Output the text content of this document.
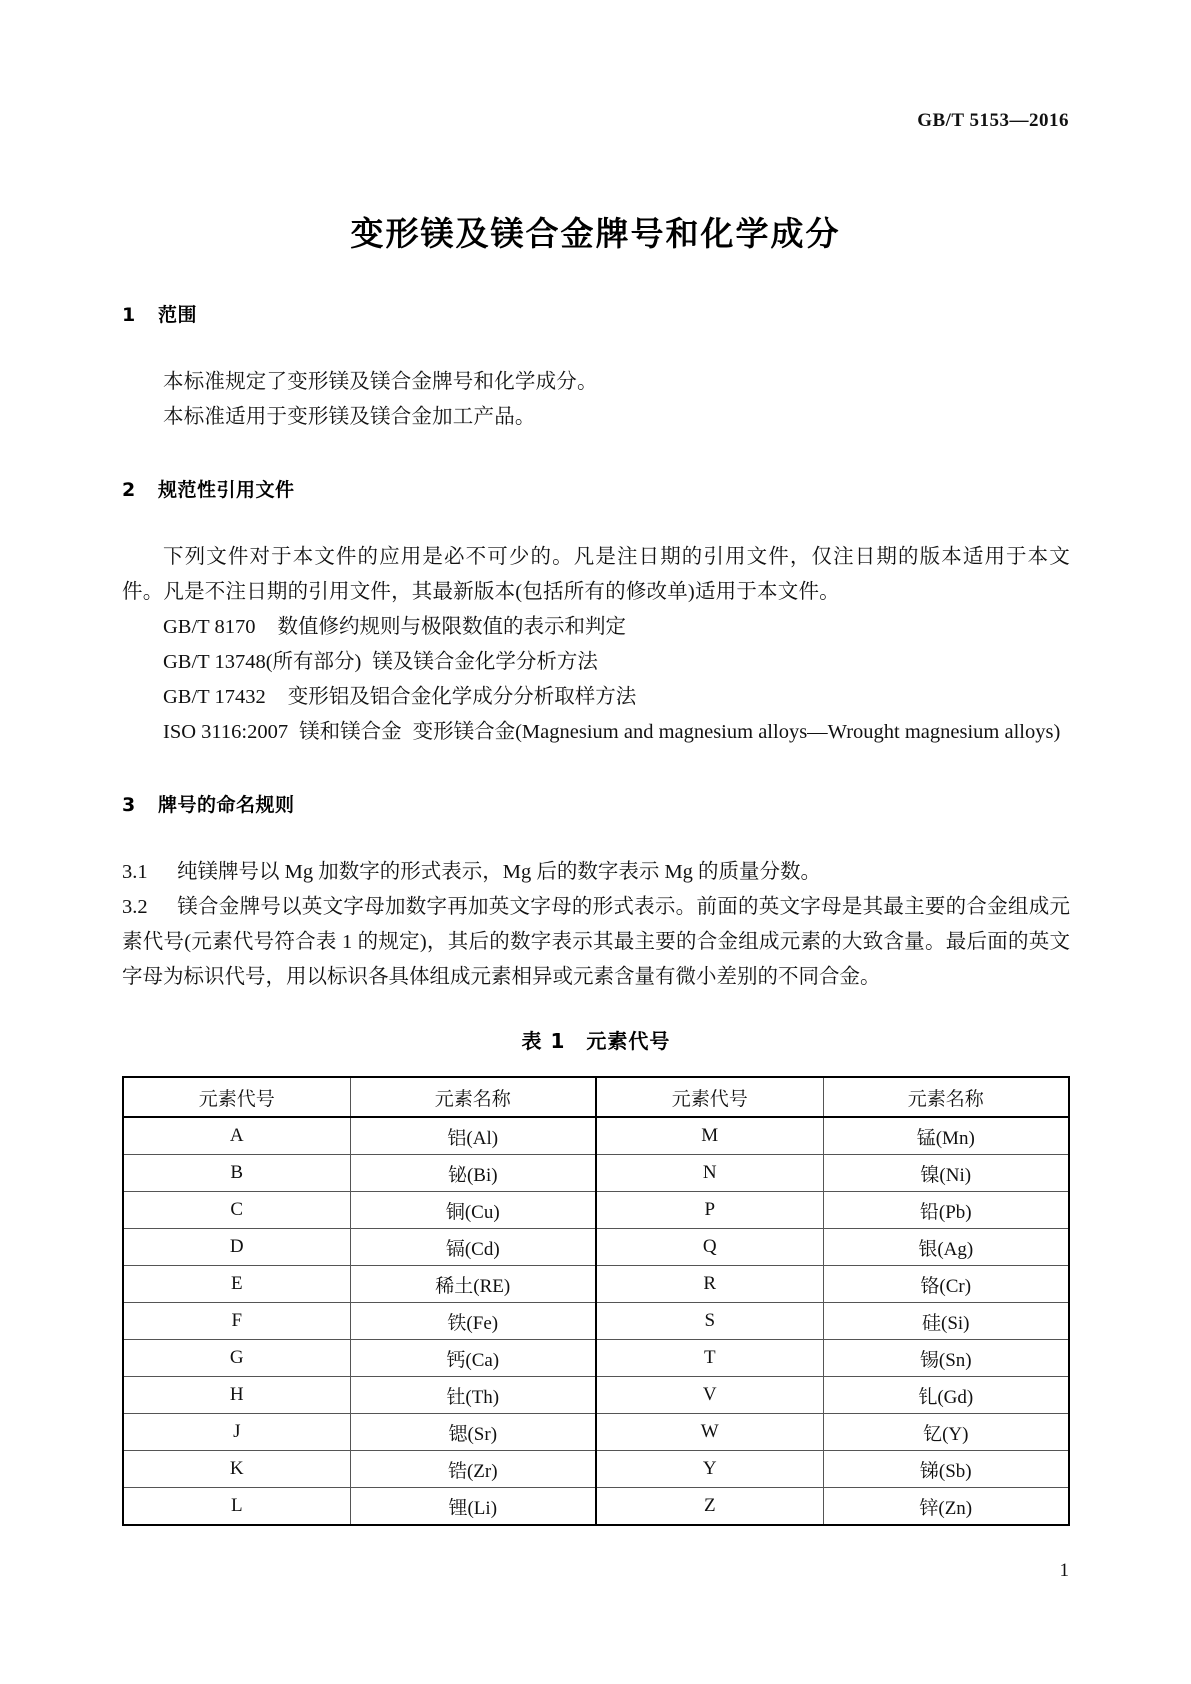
GB/T 5153—2016
变形镁及镁合金牌号和化学成分
1 范围

本标准规定了变形镁及镁合金牌号和化学成分。

本标准适用于变形镁及镁合金加工产品。

2 规范性引用文件

下列文件对于本文件的应用是必不可少的。凡是注日期的引用文件，仅注日期的版本适用于本文件。凡是不注日期的引用文件，其最新版本(包括所有的修改单)适用于本文件。

GB/T 8170 数值修约规则与极限数值的表示和判定

GB/T 13748(所有部分) 镁及镁合金化学分析方法

GB/T 17432 变形铝及铝合金化学成分分析取样方法

ISO 3116:2007 镁和镁合金 变形镁合金(Magnesium and magnesium alloys—Wrought magnesium alloys)

3 牌号的命名规则

3.1 纯镁牌号以 Mg 加数字的形式表示，Mg 后的数字表示 Mg 的质量分数。

3.2 镁合金牌号以英文字母加数字再加英文字母的形式表示。前面的英文字母是其最主要的合金组成元素代号(元素代号符合表 1 的规定)，其后的数字表示其最主要的合金组成元素的大致含量。最后面的英文字母为标识代号，用以标识各具体组成元素相异或元素含量有微小差别的不同合金。

表 1　元素代号

元素代号	元素名称	元素代号	元素名称
A	铝(Al)	M	锰(Mn)
B	铋(Bi)	N	镍(Ni)
C	铜(Cu)	P	铅(Pb)
D	镉(Cd)	Q	银(Ag)
E	稀土(RE)	R	铬(Cr)
F	铁(Fe)	S	硅(Si)
G	钙(Ca)	T	锡(Sn)
H	钍(Th)	V	钆(Gd)
J	锶(Sr)	W	钇(Y)
K	锆(Zr)	Y	锑(Sb)
L	锂(Li)	Z	锌(Zn)
1
